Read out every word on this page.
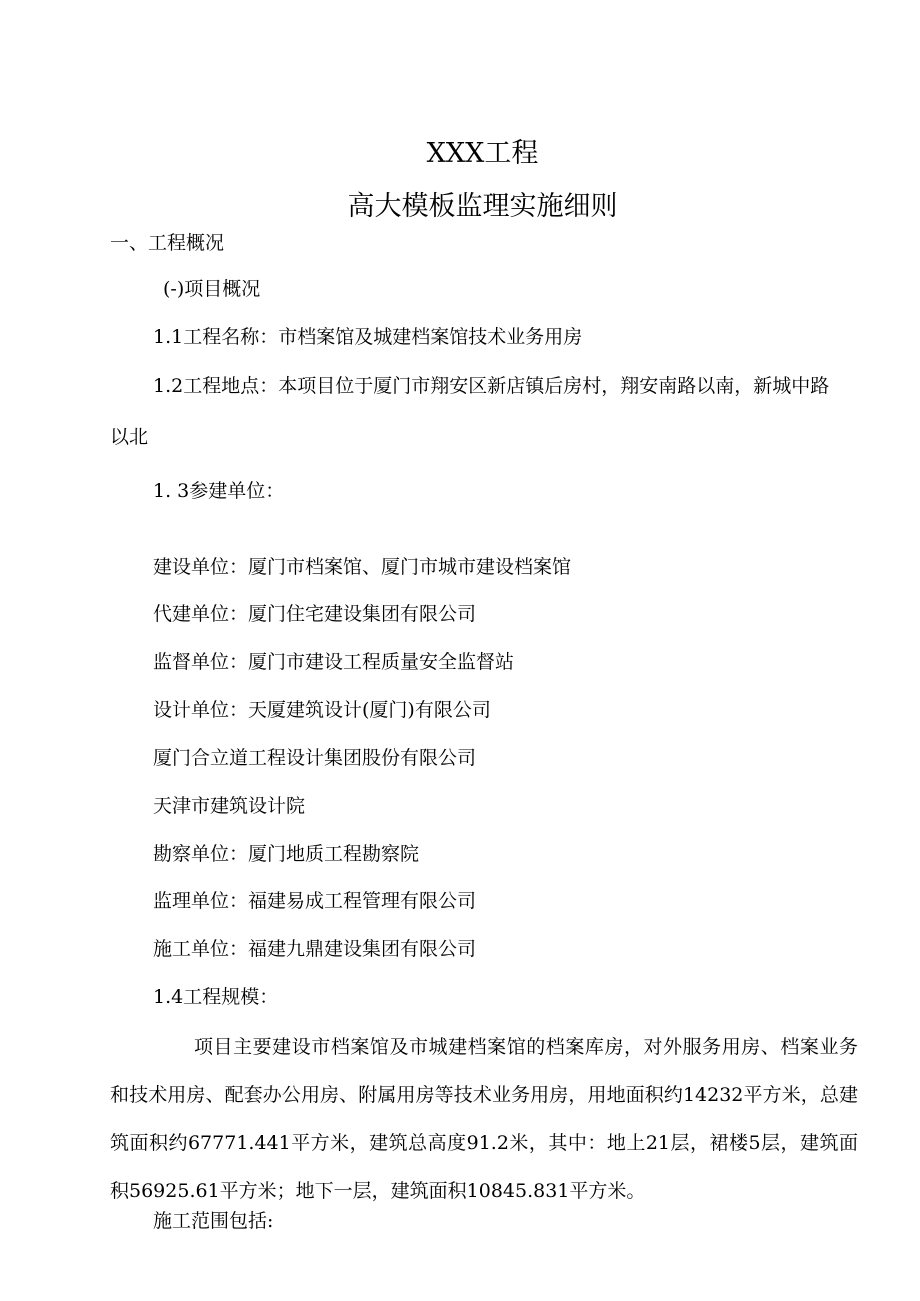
XXX工程
高大模板监理实施细则
一、工程概况
(-)项目概况
1.1工程名称：市档案馆及城建档案馆技术业务用房
1.2工程地点：本项目位于厦门市翔安区新店镇后房村，翔安南路以南，新城中路
以北
1. 3参建单位：
建设单位：厦门市档案馆、厦门市城市建设档案馆
代建单位：厦门住宅建设集团有限公司
监督单位：厦门市建设工程质量安全监督站
设计单位：天厦建筑设计(厦门)有限公司
厦门合立道工程设计集团股份有限公司
天津市建筑设计院
勘察单位：厦门地质工程勘察院
监理单位：福建易成工程管理有限公司
施工单位：福建九鼎建设集团有限公司
1.4工程规模：
项目主要建设市档案馆及市城建档案馆的档案库房，对外服务用房、档案业务和技术用房、配套办公用房、附属用房等技术业务用房，用地面积约14232平方米，总建筑面积约67771.441平方米，建筑总高度91.2米，其中：地上21层，裙楼5层，建筑面积56925.61平方米；地下一层，建筑面积10845.831平方米。
施工范围包括:
